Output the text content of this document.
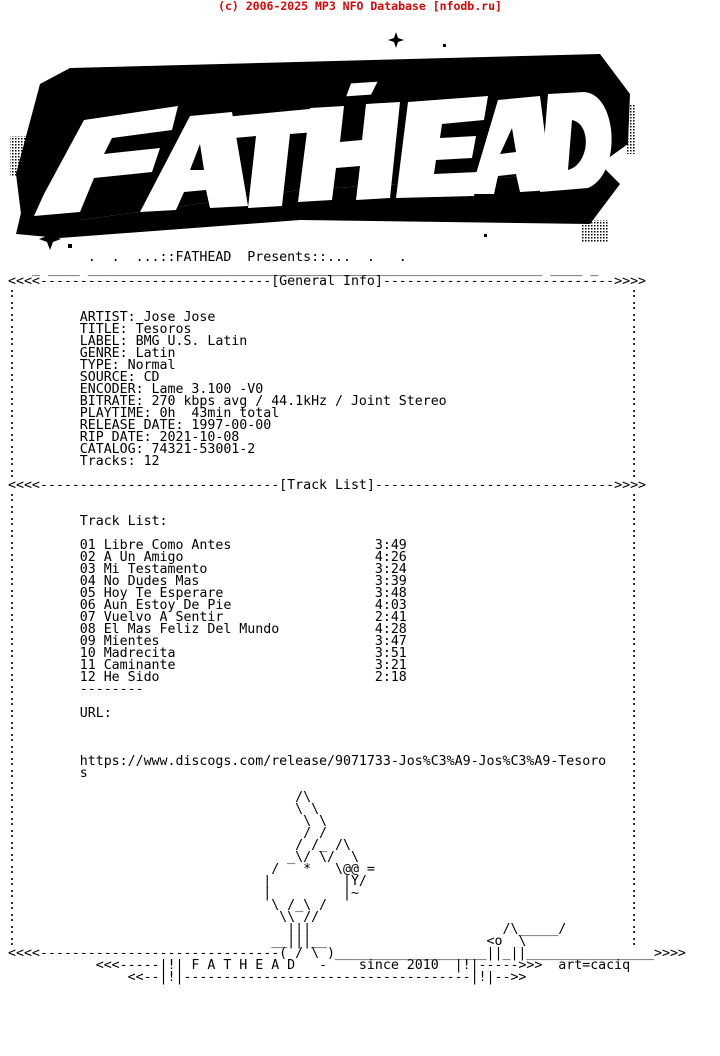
(c) 2006-2025 MP3 NFO Database [nfodb.ru]
.  .  ...::FATHEAD  Presents::...  .   .
_ ____ _________________________________________________________ ____ _
<<<<-----------------------------[General Info]----------------------------->>>>
:                                                                             :
:                                                                             :
:        ARTIST: Jose Jose                                                    :
:        TITLE: Tesoros                                                       :
:        LABEL: BMG U.S. Latin                                                :
:        GENRE: Latin                                                         :
:        TYPE: Normal                                                         :
:        SOURCE: CD                                                           :
:        ENCODER: Lame 3.100 -V0                                              :
:        BITRATE: 270 kbps avg / 44.1kHz / Joint Stereo                       :
:        PLAYTIME: 0h  43min total                                            :
:        RELEASE DATE: 1997-00-00                                             :
:        RIP DATE: 2021-10-08                                                 :
:        CATALOG: 74321-53001-2                                               :
:        Tracks: 12                                                           :
:                                                                             :
<<<<------------------------------[Track List]------------------------------>>>>
:                                                                             :
:                                                                             :
:        Track List:                                                          :
:                                                                             :
:        01 Libre Como Antes                  3:49                            :
:        02 A Un Amigo                        4:26                            :
:        03 Mi Testamento                     3:24                            :
:        04 No Dudes Mas                      3:39                            :
:        05 Hoy Te Esperare                   3:48                            :
:        06 Aun Estoy De Pie                  4:03                            :
:        07 Vuelvo A Sentir                   2:41                            :
:        08 El Mas Feliz Del Mundo            4:28                            :
:        09 Mientes                           3:47                            :
:        10 Madrecita                         3:51                            :
:        11 Caminante                         3:21                            :
:        12 He Sido                           2:18                            :
:        --------                                                             :
:                                                                             :
:        URL:                                                                 :
:                                                                             :
:                                                                             :
:                                                                             :
:        https://www.discogs.com/release/9071733-Jos%C3%A9-Jos%C3%A9-Tesoro   :
:        s                                                                    :
:                                                                             :
:                                   /\                                        :
:                                   \ \                                       :
:                                    \ \                                      :
:                                    / /                                      :
:                                   / /_ /\                                   :
:                                  _\/ \/  \                                  :
:                                /   *   \@@ =                                :
:                               |         |Y/                                 :
:                               |         |~                                  :
:                                \ /_\ /                                      :
:                                 \\ //                                       :
:                                  |||                        /\_____/        :
:                                __|||__                    <o  \             :
<<<<------------------------------( / \ )___________________||_||________________>>>>
<<<-----|!| F A T H E A D   -    since 2010  |!|----->>>  art=caciq
<<--|!|------------------------------------|!|-->>
